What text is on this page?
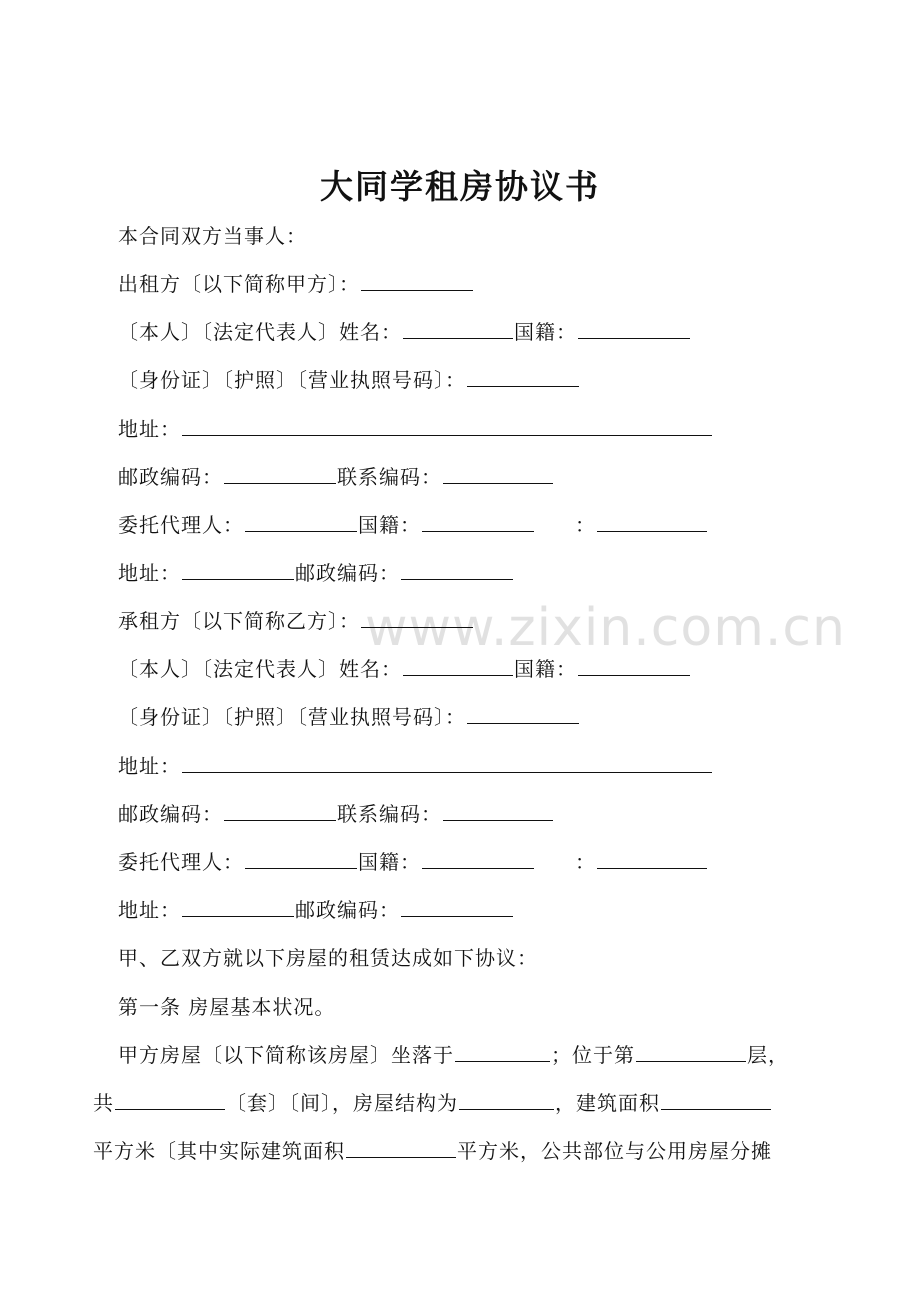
大同学租房协议书
www.zixin.com.cn
本合同双方当事人：
出租方〔以下简称甲方〕：
〔本人〕〔法定代表人〕姓名：	国籍：
〔身份证〕〔护照〕〔营业执照号码〕：
地址：
邮政编码：	联系编码：
委托代理人：	国籍：	：
地址：	邮政编码：
承租方〔以下简称乙方〕：
〔本人〕〔法定代表人〕姓名：	国籍：
〔身份证〕〔护照〕〔营业执照号码〕：
地址：
邮政编码：	联系编码：
委托代理人：	国籍：	：
地址：	邮政编码：
甲、乙双方就以下房屋的租赁达成如下协议：
第一条 房屋基本状况。
甲方房屋〔以下简称该房屋〕坐落于	；位于第	层，
共	〔套〕〔间〕，房屋结构为	，建筑面积
平方米〔其中实际建筑面积	平方米，公共部位与公用房屋分摊
